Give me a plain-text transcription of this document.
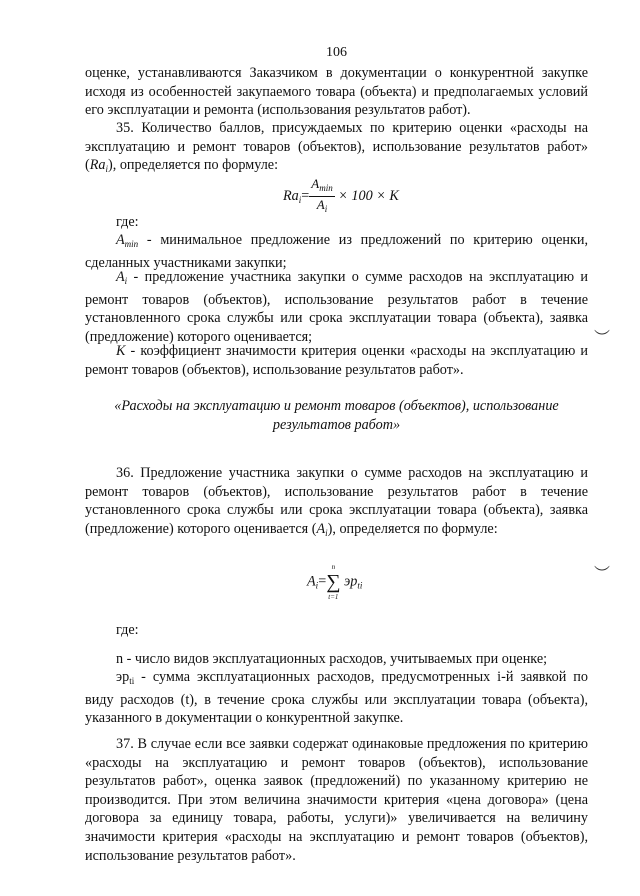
106

оценке, устанавливаются Заказчиком в документации о конкурентной закупке исходя из особенностей закупаемого товара (объекта) и предполагаемых условий его эксплуатации и ремонта (использования результатов работ).

35. Количество баллов, присуждаемых по критерию оценки «расходы на эксплуатацию и ремонт товаров (объектов), использование результатов работ» $(Ra_i)$, определяется по формуле:

$Ra_i= \frac{A_{min}}{A_i} \times 100 \times K$

где:

$A_{min}$ - минимальное предложение из предложений по критерию оценки, сделанных участниками закупки;

$A_i$ - предложение участника закупки о сумме расходов на эксплуатацию и ремонт товаров (объектов), использование результатов работ в течение установленного срока службы или срока эксплуатации товара (объекта), заявка (предложение) которого оценивается;

K - коэффициент значимости критерия оценки «расходы на эксплуатацию и ремонт товаров (объектов), использование результатов работ».

«Расходы на эксплуатацию и ремонт товаров (объектов), использование результатов работ»

36. Предложение участника закупки о сумме расходов на эксплуатацию и ремонт товаров (объектов), использование результатов работ в течение установленного срока службы или срока эксплуатации товара (объекта), заявка (предложение) которого оценивается $(A_i)$, определяется по формуле:

$A_i=$
n
∑
t=1
$эр_{ti}$

где:

n - число видов эксплуатационных расходов, учитываемых при оценке;

$эр_{ti}$ - сумма эксплуатационных расходов, предусмотренных i-й заявкой по виду расходов (t), в течение срока службы или эксплуатации товара (объекта), указанного в документации о конкурентной закупке.

37. В случае если все заявки содержат одинаковые предложения по критерию «расходы на эксплуатацию и ремонт товаров (объектов), использование результатов работ», оценка заявок (предложений) по указанному критерию не производится. При этом величина значимости критерия «цена договора» (цена договора за единицу товара, работы, услуги)» увеличивается на величину значимости критерия «расходы на эксплуатацию и ремонт товаров (объектов), использование результатов работ».

︶
︶
